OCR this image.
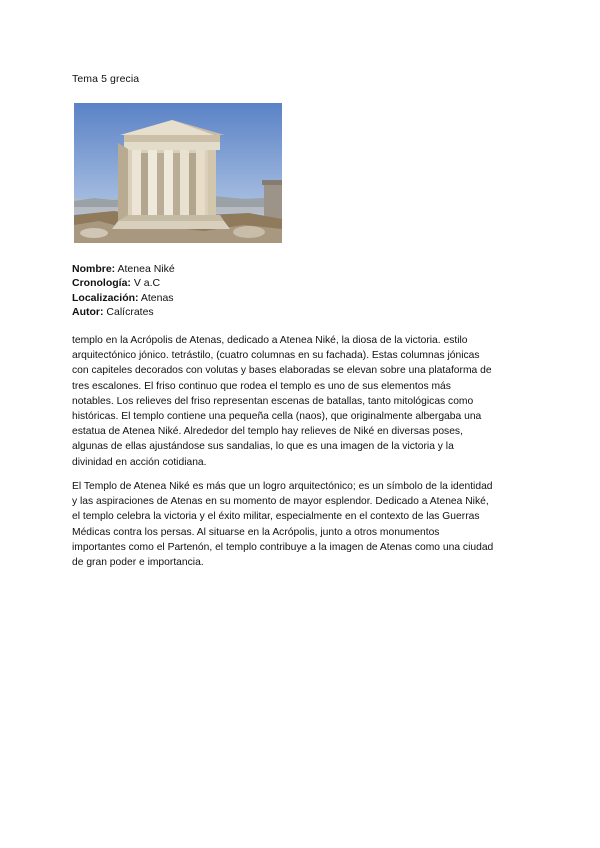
Tema 5 grecia
Nombre: Atenea Niké
Cronología: V a.C
Localización: Atenas
Autor: Calícrates
templo en la Acrópolis de Atenas, dedicado a Atenea Niké, la diosa de la victoria. estilo
arquitectónico jónico. tetrástilo, (cuatro columnas en su fachada). Estas columnas jónicas
con capiteles decorados con volutas y bases elaboradas se elevan sobre una plataforma de
tres escalones. El friso continuo que rodea el templo es uno de sus elementos más
notables. Los relieves del friso representan escenas de batallas, tanto mitológicas como
históricas. El templo contiene una pequeña cella (naos), que originalmente albergaba una
estatua de Atenea Niké. Alrededor del templo hay relieves de Niké en diversas poses,
algunas de ellas ajustándose sus sandalias, lo que es una imagen de la victoria y la
divinidad en acción cotidiana.
El Templo de Atenea Niké es más que un logro arquitectónico; es un símbolo de la identidad
y las aspiraciones de Atenas en su momento de mayor esplendor. Dedicado a Atenea Niké,
el templo celebra la victoria y el éxito militar, especialmente en el contexto de las Guerras
Médicas contra los persas. Al situarse en la Acrópolis, junto a otros monumentos
importantes como el Partenón, el templo contribuye a la imagen de Atenas como una ciudad
de gran poder e importancia.
